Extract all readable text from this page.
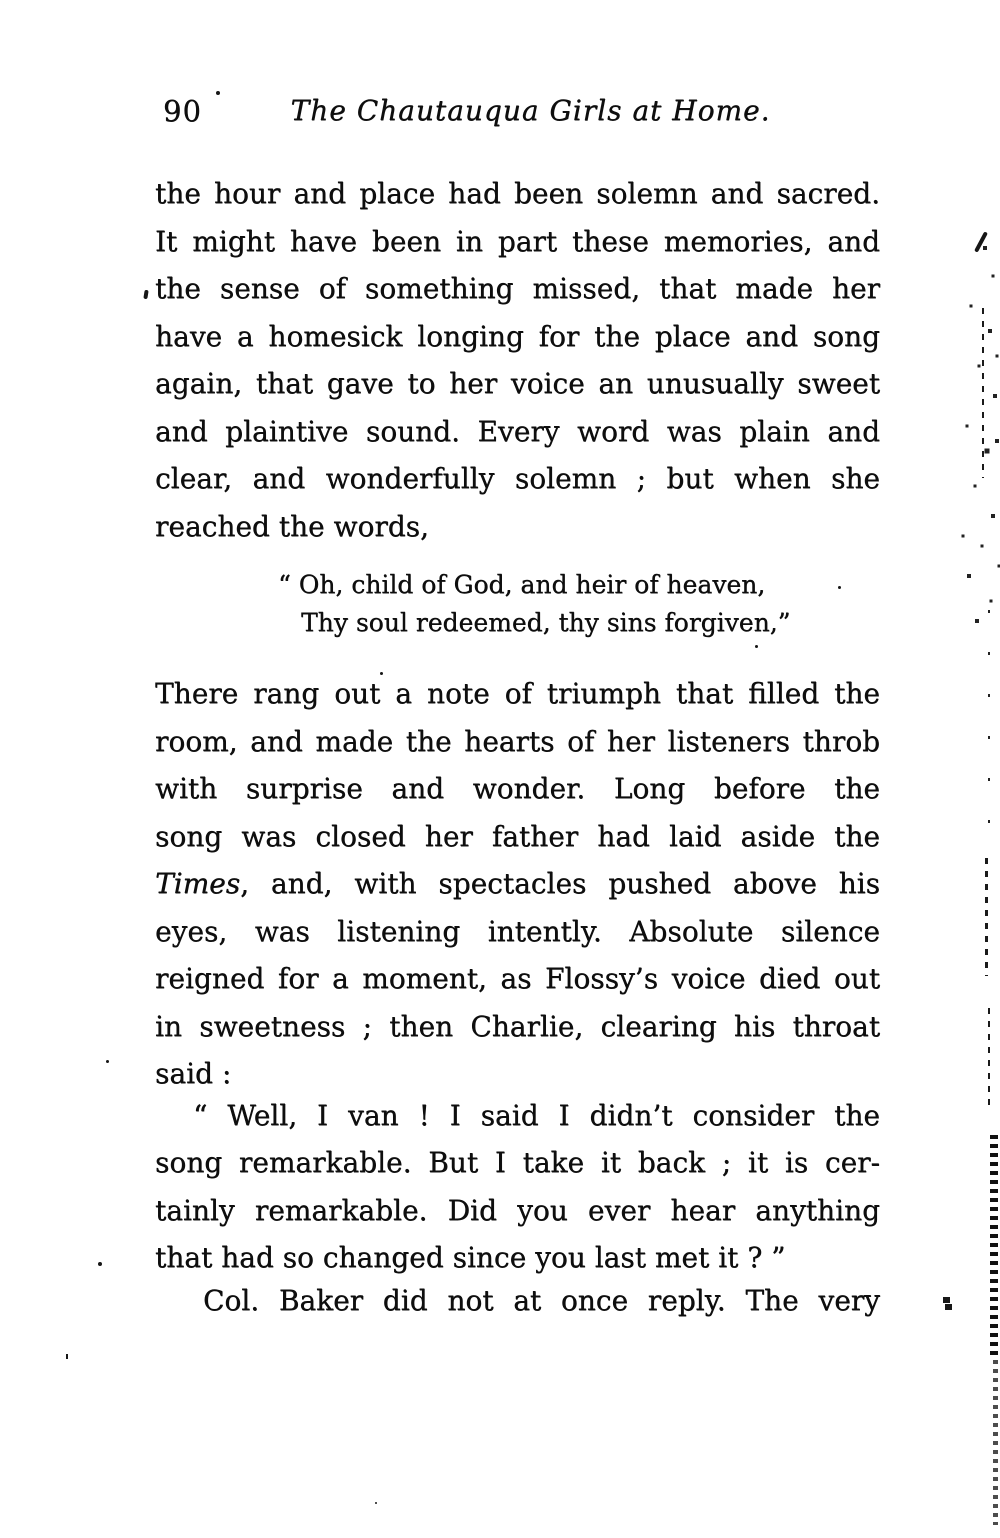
90	The Chautauqua Girls at Home.
the hour and place had been solemn and sacred.
It might have been in part these memories, and
the sense of something missed, that made her
have a homesick longing for the place and song
again, that gave to her voice an unusually sweet
and plaintive sound. Every word was plain and
clear, and wonderfully solemn ; but when she
reached the words,
“ Oh, child of God, and heir of heaven,
Thy soul redeemed, thy sins forgiven,”
There rang out a note of triumph that filled the
room, and made the hearts of her listeners throb
with surprise and wonder. Long before the
song was closed her father had laid aside the
Times, and, with spectacles pushed above his
eyes, was listening intently. Absolute silence
reigned for a moment, as Flossy’s voice died out
in sweetness ; then Charlie, clearing his throat
said :
“ Well, I van ! I said I didn’t consider the
song remarkable. But I take it back ; it is cer-
tainly remarkable. Did you ever hear anything
that had so changed since you last met it ? ”
Col. Baker did not at once reply. The very
